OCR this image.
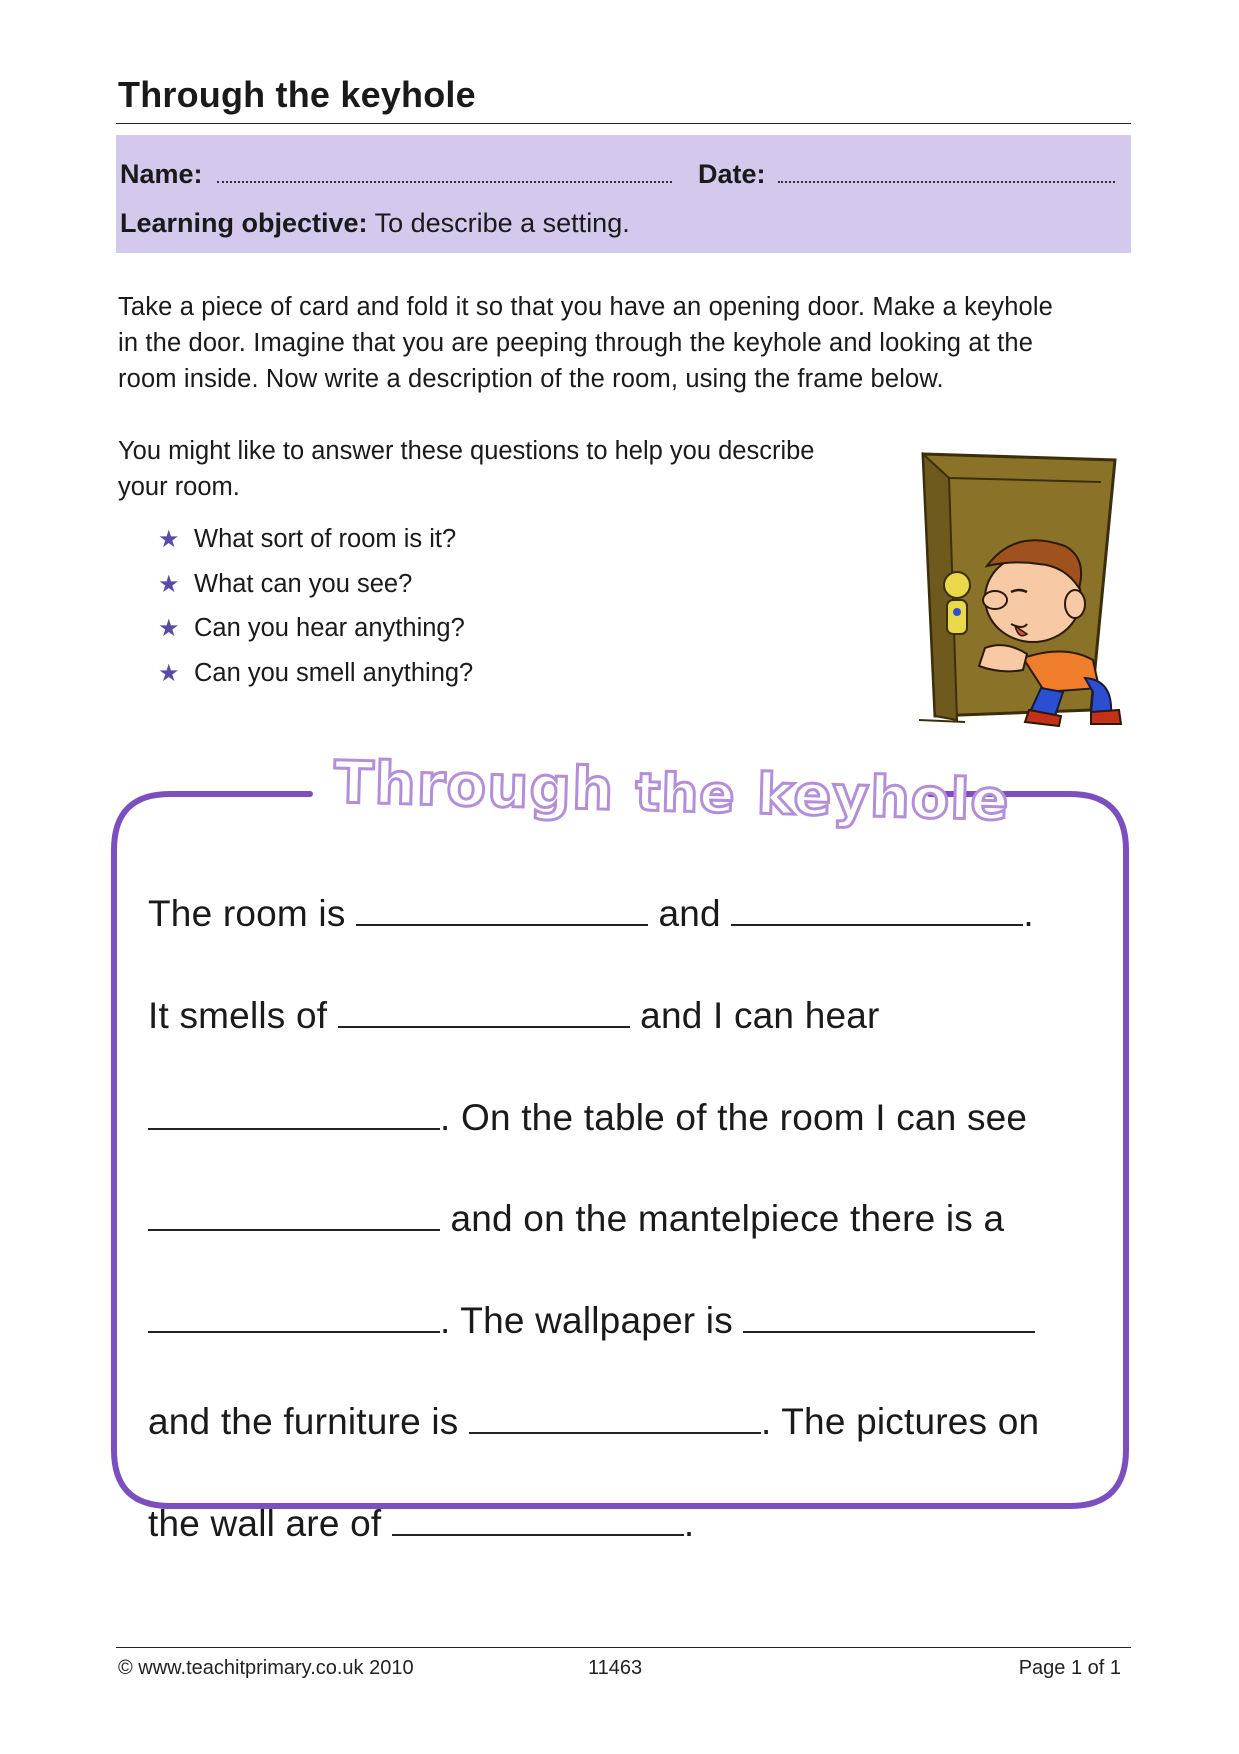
Through the keyhole
Name:	Date:
Learning objective: To describe a setting.
Take a piece of card and fold it so that you have an opening door. Make a keyhole
in the door. Imagine that you are peeping through the keyhole and looking at the
room inside. Now write a description of the room, using the frame below.
You might like to answer these questions to help you describe
your room.
★ What sort of room is it?
★ What can you see?
★ Can you hear anything?
★ Can you smell anything?
Through the keyhole
The room is	and	.
It smells of	and I can hear
. On the table of the room I can see
and on the mantelpiece there is a
. The wallpaper is
and the furniture is	. The pictures on
the wall are of	.
© www.teachitprimary.co.uk 2010	11463	Page 1 of 1
